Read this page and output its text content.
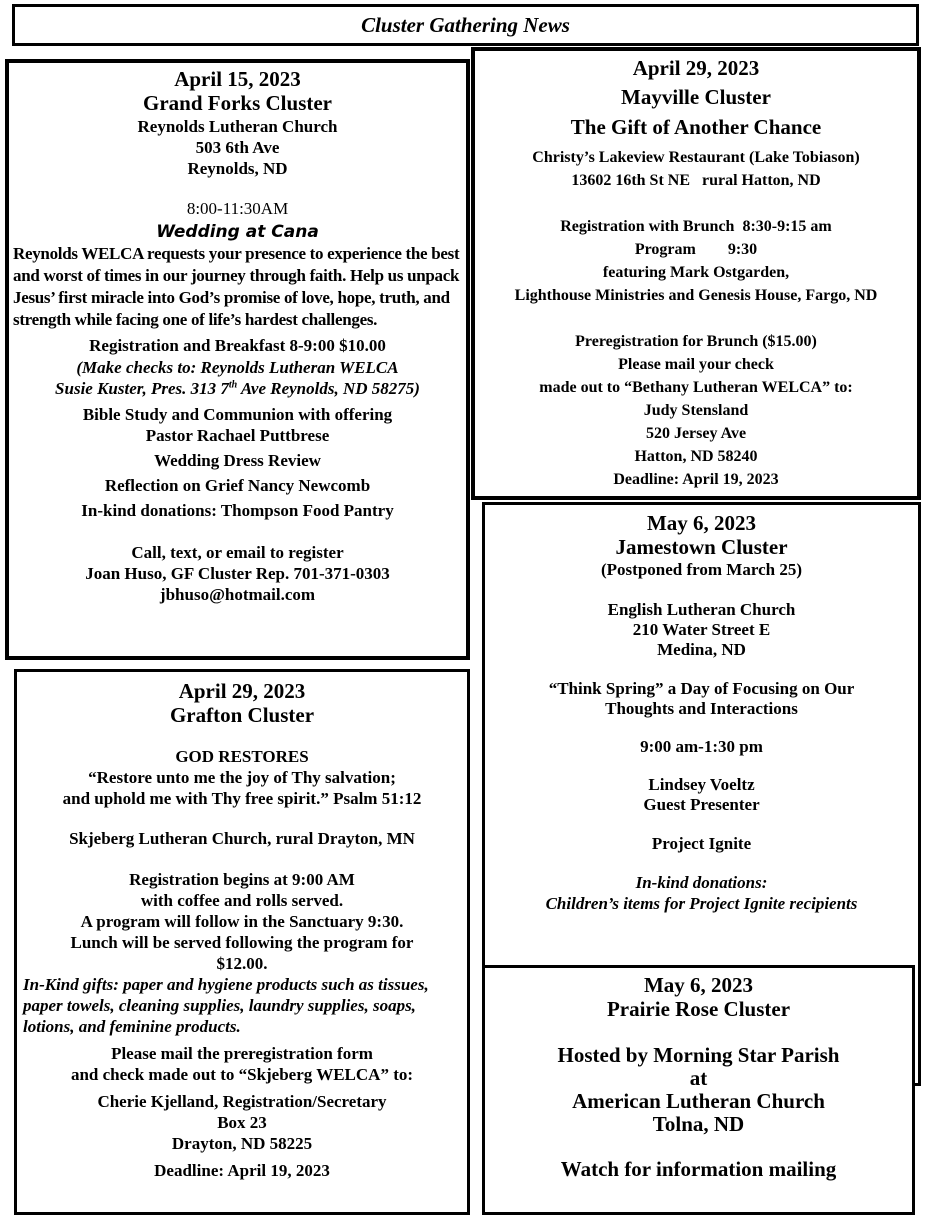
Cluster Gathering News
April 15, 2023
Grand Forks Cluster
Reynolds Lutheran Church
503 6th Ave
Reynolds, ND
8:00-11:30AM
Wedding at Cana
Reynolds WELCA requests your presence to experience the best and worst of times in our journey through faith. Help us unpack Jesus’ first miracle into God’s promise of love, hope, truth, and strength while facing one of life’s hardest challenges.
Registration and Breakfast 8-9:00 $10.00
(Make checks to: Reynolds Lutheran WELCA
Susie Kuster, Pres. 313 7th Ave Reynolds, ND 58275)
Bible Study and Communion with offering
Pastor Rachael Puttbrese
Wedding Dress Review
Reflection on Grief Nancy Newcomb
In-kind donations: Thompson Food Pantry
Call, text, or email to register
Joan Huso, GF Cluster Rep. 701-371-0303
jbhuso@hotmail.com
April 29, 2023
Grafton Cluster
GOD RESTORES
“Restore unto me the joy of Thy salvation;
and uphold me with Thy free spirit.” Psalm 51:12
Skjeberg Lutheran Church, rural Drayton, MN
Registration begins at 9:00 AM
with coffee and rolls served.
A program will follow in the Sanctuary 9:30.
Lunch will be served following the program for
$12.00.
In-Kind gifts: paper and hygiene products such as tissues, paper towels, cleaning supplies, laundry supplies, soaps, lotions, and feminine products.
Please mail the preregistration form
and check made out to “Skjeberg WELCA” to:
Cherie Kjelland, Registration/Secretary
Box 23
Drayton, ND 58225
Deadline: April 19, 2023
May 6, 2023
Jamestown Cluster
(Postponed from March 25)
English Lutheran Church
210 Water Street E
Medina, ND
“Think Spring” a Day of Focusing on Our
Thoughts and Interactions
9:00 am-1:30 pm
Lindsey Voeltz
Guest Presenter
Project Ignite
In-kind donations:
Children’s items for Project Ignite recipients
April 29, 2023
Mayville Cluster
The Gift of Another Chance
Christy’s Lakeview Restaurant (Lake Tobiason)
13602 16th St NE   rural Hatton, ND
Registration with Brunch  8:30-9:15 am
Program        9:30
featuring Mark Ostgarden,
Lighthouse Ministries and Genesis House, Fargo, ND
Preregistration for Brunch ($15.00)
Please mail your check
made out to “Bethany Lutheran WELCA” to:
Judy Stensland
520 Jersey Ave
Hatton, ND 58240
Deadline: April 19, 2023
May 6, 2023
Prairie Rose Cluster
Hosted by Morning Star Parish
at
American Lutheran Church
Tolna, ND
Watch for information mailing
